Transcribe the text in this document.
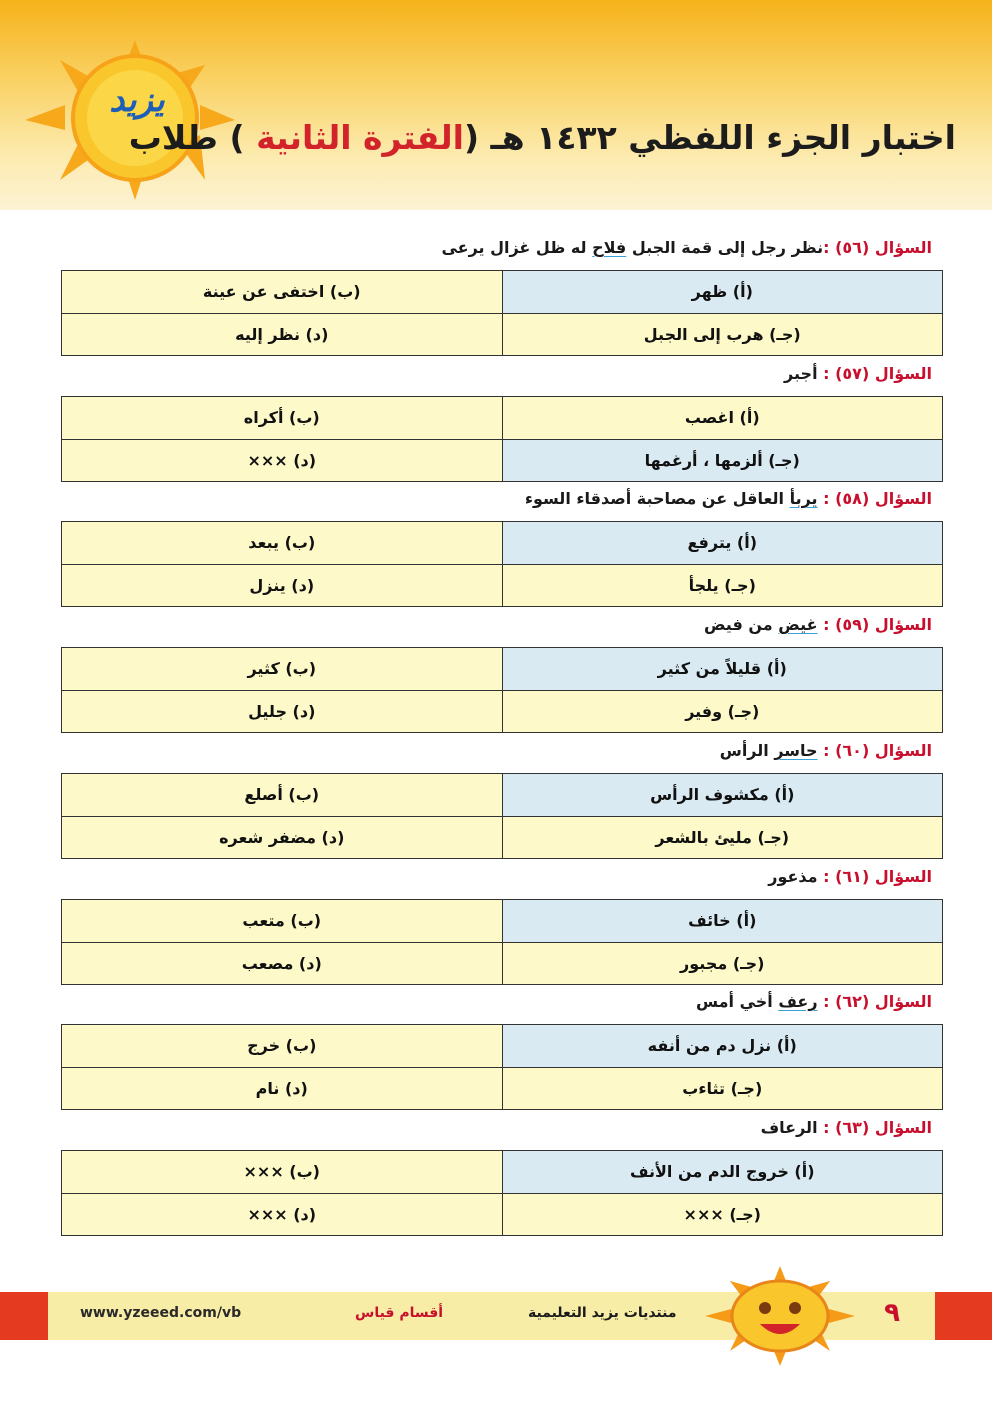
يزيد
اختبار الجزء اللفظي ١٤٣٢ هـ (الفترة الثانية ) طلاب
السؤال (٥٦) :نظر رجل إلى قمة الجبل فلاح له ظل غزال يرعى
(أ) ظهر	(ب) اختفى عن عينة
(جـ) هرب إلى الجبل	(د) نظر إليه
السؤال (٥٧) : أجبر
(أ) اغصب	(ب) أكراه
(جـ) ألزمها ، أرغمها	(د) ×××
السؤال (٥٨) : يربأ العاقل عن مصاحبة أصدقاء السوء
(أ) يترفع	(ب) يبعد
(جـ) يلجأ	(د) ينزل
السؤال (٥٩) : غيض من فيض
(أ) قليلاً من كثير	(ب) كثير
(جـ) وفير	(د) جليل
السؤال (٦٠) : حاسر الرأس
(أ) مكشوف الرأس	(ب) أصلع
(جـ) مليئ بالشعر	(د) مضفر شعره
السؤال (٦١) : مذعور
(أ) خائف	(ب) متعب
(جـ) مجبور	(د) مصعب
السؤال (٦٢) : رعف أخي أمس
(أ) نزل دم من أنفه	(ب) خرج
(جـ) تثاءب	(د) نام
السؤال (٦٣) : الرعاف
(أ) خروج الدم من الأنف	(ب) ×××
(جـ) ×××	(د) ×××
www.yzeeed.com/vb	أقسام قياس	منتديات يزيد التعليمية	٩
